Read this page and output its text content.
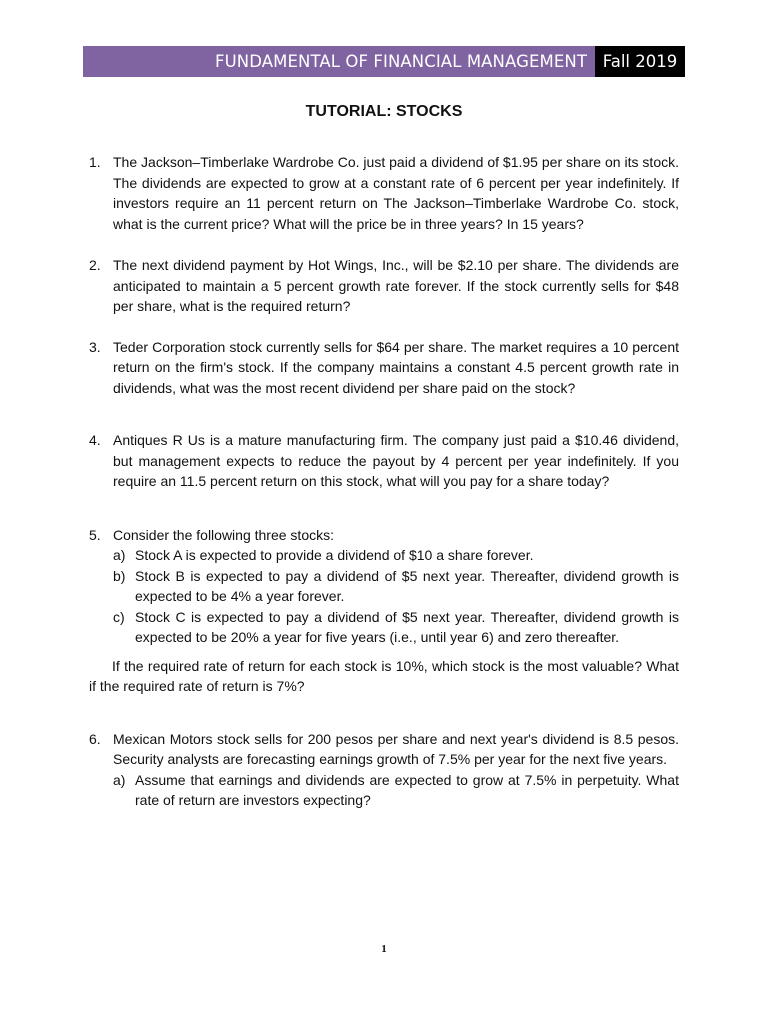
FUNDAMENTAL OF FINANCIAL MANAGEMENT Fall 2019
TUTORIAL: STOCKS
1. The Jackson–Timberlake Wardrobe Co. just paid a dividend of $1.95 per share on its stock. The dividends are expected to grow at a constant rate of 6 percent per year indefinitely. If investors require an 11 percent return on The Jackson–Timberlake Wardrobe Co. stock, what is the current price? What will the price be in three years? In 15 years?
2. The next dividend payment by Hot Wings, Inc., will be $2.10 per share. The dividends are anticipated to maintain a 5 percent growth rate forever. If the stock currently sells for $48 per share, what is the required return?
3. Teder Corporation stock currently sells for $64 per share. The market requires a 10 percent return on the firm's stock. If the company maintains a constant 4.5 percent growth rate in dividends, what was the most recent dividend per share paid on the stock?
4. Antiques R Us is a mature manufacturing firm. The company just paid a $10.46 dividend, but management expects to reduce the payout by 4 percent per year indefinitely. If you require an 11.5 percent return on this stock, what will you pay for a share today?
5. Consider the following three stocks:
a) Stock A is expected to provide a dividend of $10 a share forever.
b) Stock B is expected to pay a dividend of $5 next year. Thereafter, dividend growth is expected to be 4% a year forever.
c) Stock C is expected to pay a dividend of $5 next year. Thereafter, dividend growth is expected to be 20% a year for five years (i.e., until year 6) and zero thereafter.
If the required rate of return for each stock is 10%, which stock is the most valuable? What if the required rate of return is 7%?
6. Mexican Motors stock sells for 200 pesos per share and next year's dividend is 8.5 pesos. Security analysts are forecasting earnings growth of 7.5% per year for the next five years.
a) Assume that earnings and dividends are expected to grow at 7.5% in perpetuity. What rate of return are investors expecting?
1
